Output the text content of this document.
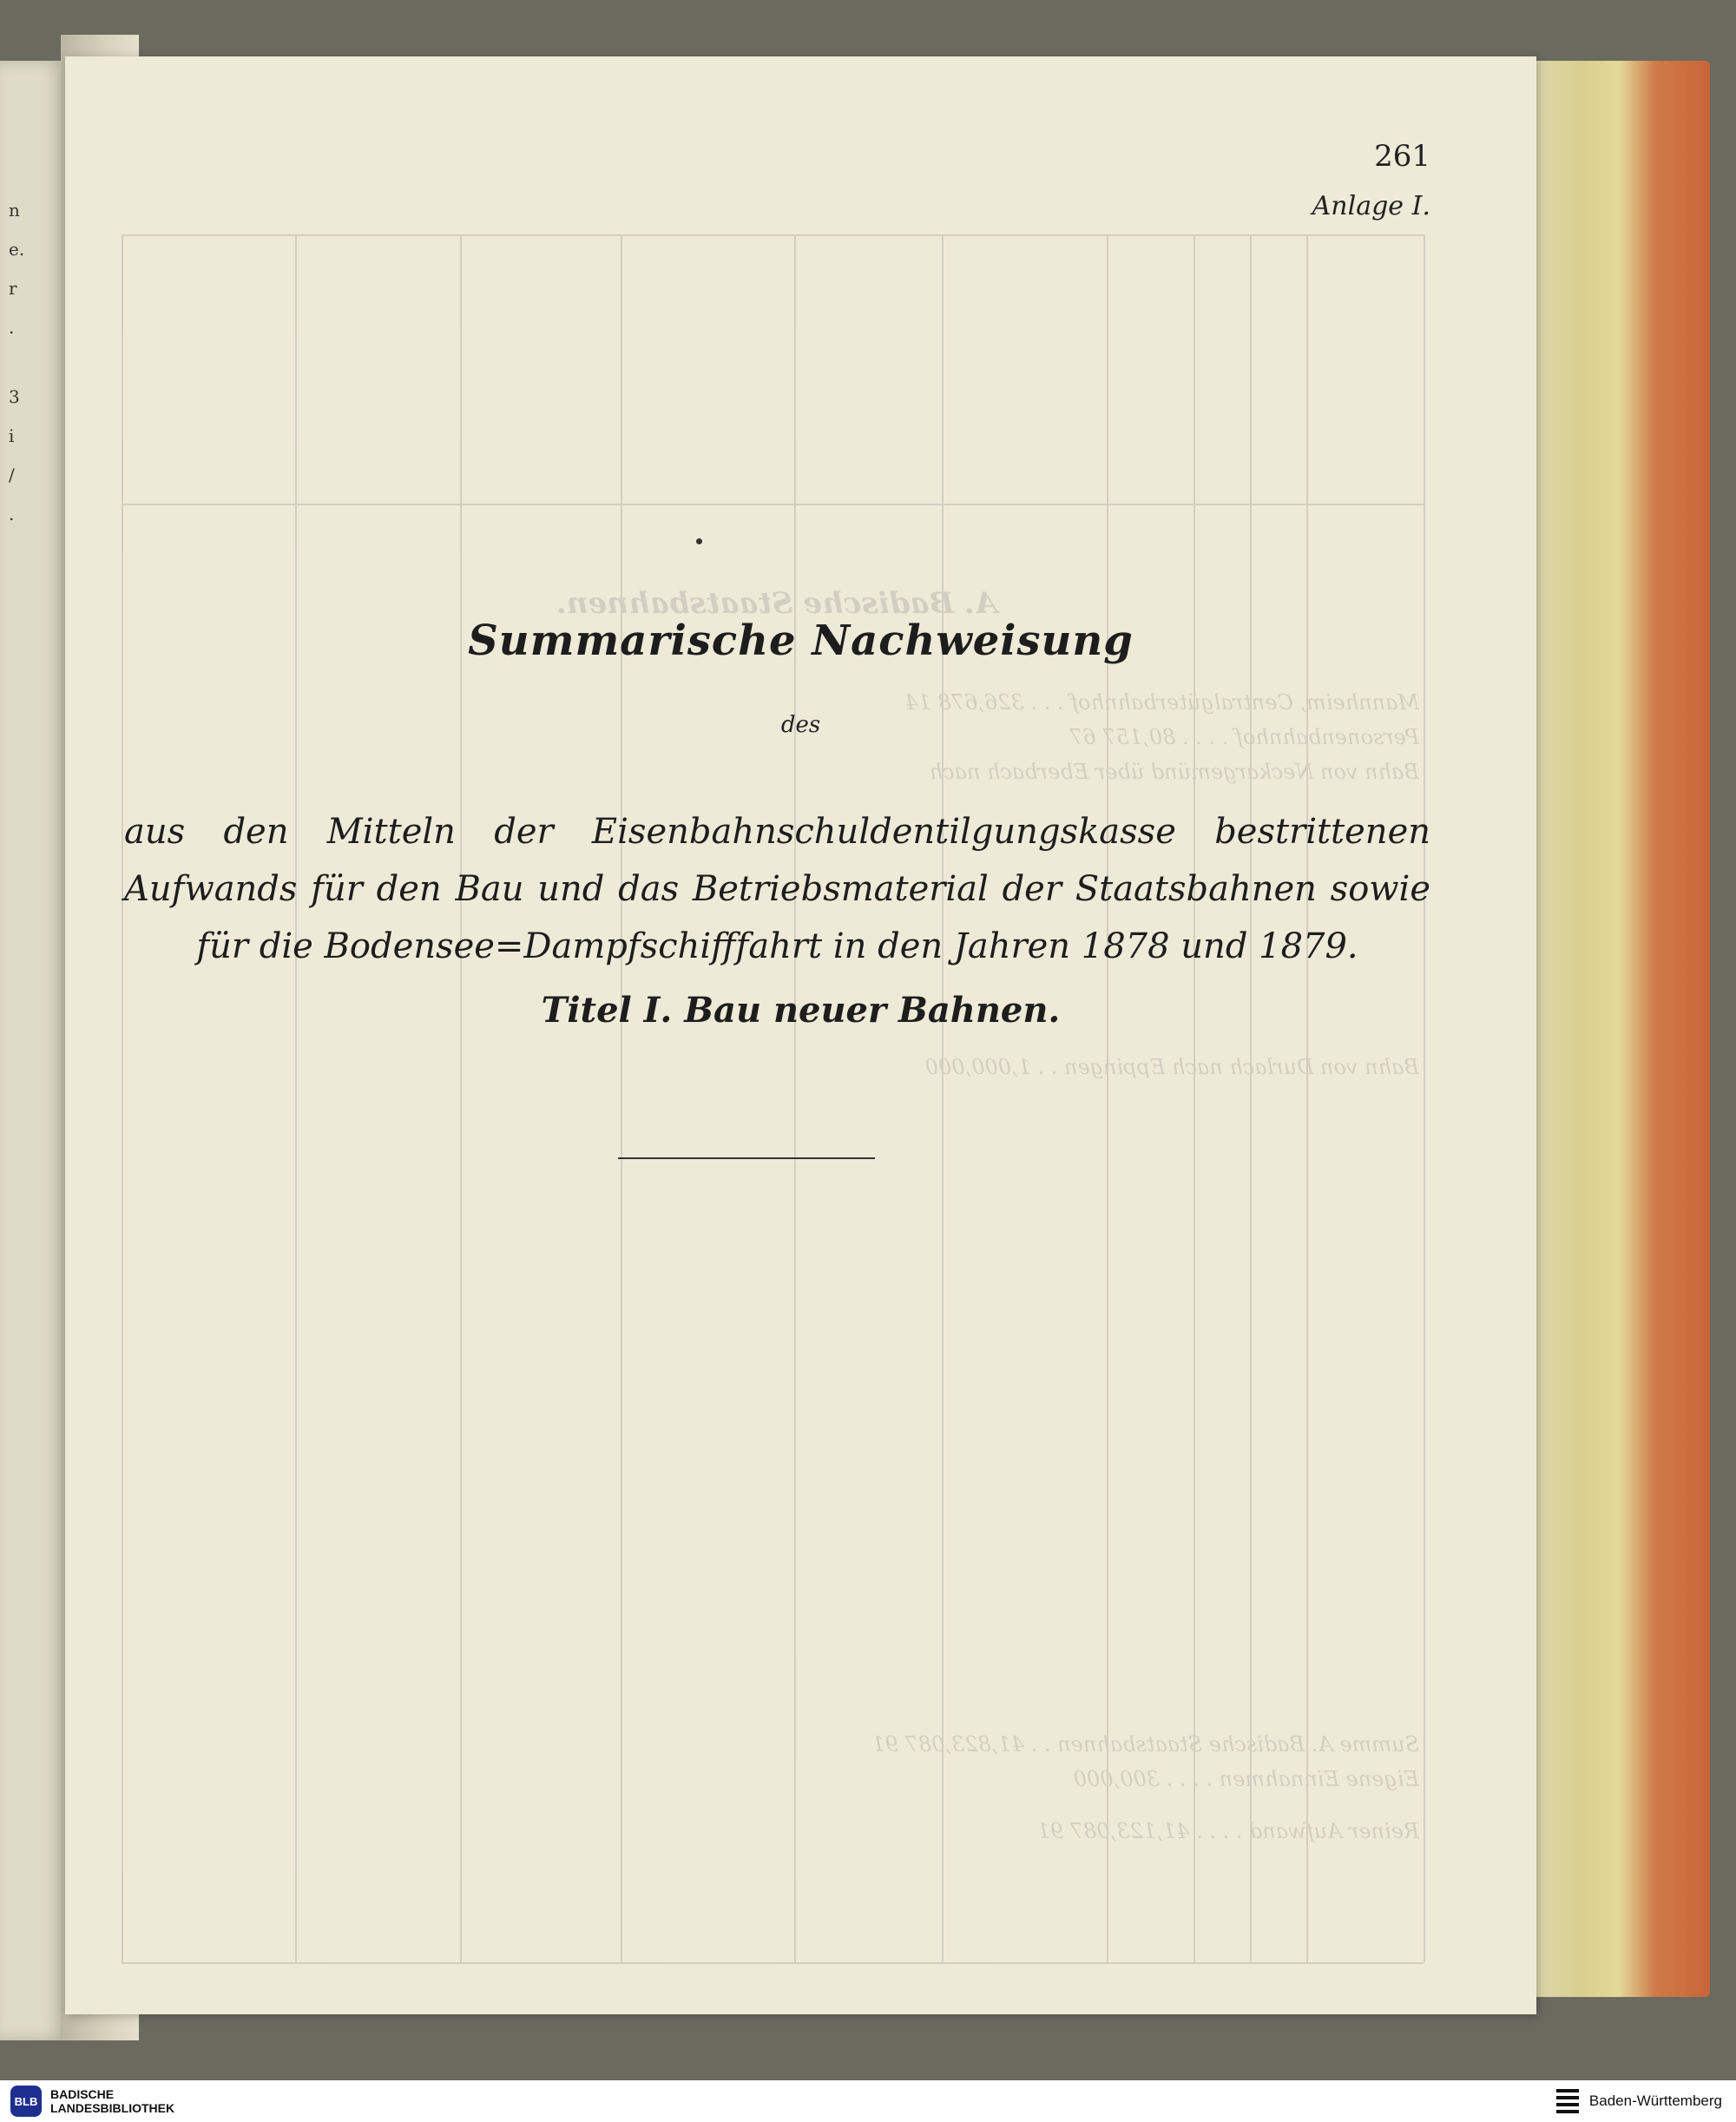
n
e.
r
.
3
i
/
.
A. Badische Staatsbahnen.
Mannheim, Centralgüterbahnhof . . . 326,678 14
Personenbahnhof . . . . 80,157 67
Bahn von Neckargemünd über Eberbach nach
Bahn von Durlach nach Eppingen . . 1,000,000
Summe A. Badische Staatsbahnen . . 41,823,087 91
Eigene Einnahmen . . . . 300,000
Reiner Aufwand . . . . 41,123,087 91
261
Anlage I.
Summarische Nachweisung
des
aus den Mitteln der Eisenbahnschuldentilgungskasse bestrittenen Aufwands für den Bau und das Betriebsmaterial der Staatsbahnen sowie für die Bodensee=Dampfschifffahrt in den Jahren 1878 und 1879.
Titel I. Bau neuer Bahnen.
BLB	BADISCHE
LANDESBIBLIOTHEK	Baden-Württemberg
